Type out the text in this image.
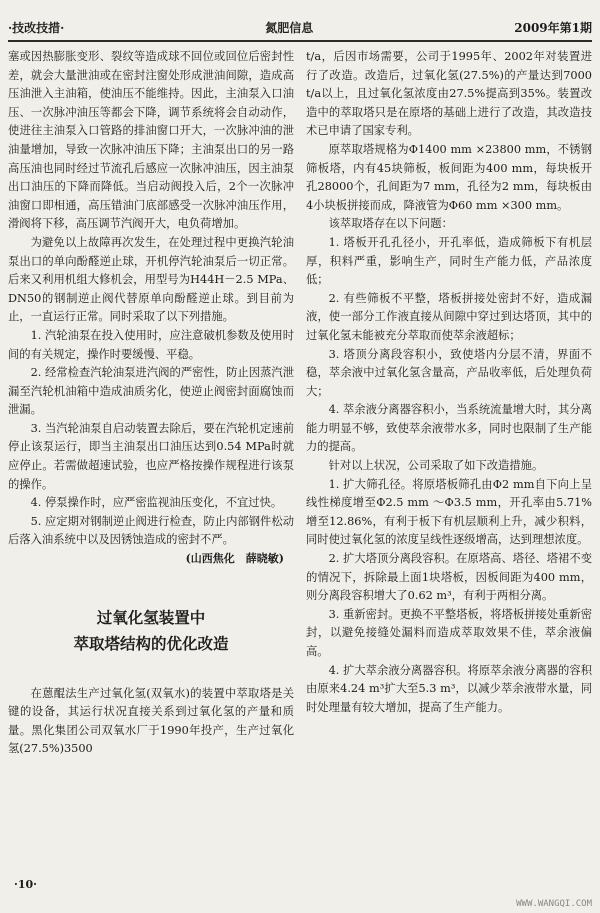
·技改技措·	氮肥信息	2009年第1期

塞或因热膨胀变形、裂纹等造成球不回位或回位后密封性差，就会大量泄油或在密封注窗处形成泄油间隙，造成高压油泄入主油箱，使油压不能维持。因此，主油泵入口油压、一次脉冲油压等都会下降，调节系统将会自动动作，使进往主油泵入口管路的排油窗口开大，一次脉冲油的泄油量增加，导致一次脉冲油压下降；主油泵出口的另一路高压油也同时经过节流孔后感应一次脉冲油压，因主油泵出口油压的下降而降低。当启动阀投入后，2个一次脉冲油窗口即相通，高压错油门底部感受一次脉冲油压作用，滑阀将下移，高压调节汽阀开大，电负荷增加。

为避免以上故障再次发生，在处理过程中更换汽轮油泵出口的单向酚醛逆止球，开机停汽轮油泵后一切正常。后来又利用机组大修机会，用型号为H44H－2.5 MPa、DN50的钢制逆止阀代替原单向酚醛逆止球。到目前为止，一直运行正常。同时采取了以下列措施。

1. 汽轮油泵在投入使用时，应注意破机参数及使用时间的有关规定，操作时要缓慢、平稳。

2. 经常检查汽轮油泵进汽阀的严密性，防止因蒸汽泄漏至汽轮机油箱中造成油质劣化，使逆止阀密封面腐蚀而泄漏。

3. 当汽轮油泵自启动装置去除后，要在汽轮机定速前停止该泵运行，即当主油泵出口油压达到0.54 MPa时就应停止。若需做超速试验，也应严格按操作规程进行该泵的操作。

4. 停泵操作时，应严密监视油压变化，不宜过快。

5. 应定期对钢制逆止阀进行检查，防止内部钢件松动后落入油系统中以及因锈蚀造成的密封不严。

(山西焦化　薛晓敏)
过氧化氢装置中
萃取塔结构的优化改造

在蒽醌法生产过氧化氢(双氧水)的装置中萃取塔是关键的设备，其运行状况直接关系到过氧化氢的产量和质量。黑化集团公司双氧水厂于1990年投产，生产过氧化氢(27.5%)3500

t/a，后因市场需要，公司于1995年、2002年对装置进行了改造。改造后，过氧化氢(27.5%)的产量达到7000 t/a以上，且过氧化氢浓度由27.5%提高到35%。装置改造中的萃取塔只是在原塔的基础上进行了改造，其改造技术已申请了国家专利。

原萃取塔规格为Φ1400 mm ×23800 mm，不锈钢筛板塔，内有45块筛板，板间距为400 mm，每块板开孔28000个，孔间距为7 mm，孔径为2 mm，每块板由4小块板拼接而成，降液管为Φ60 mm ×300 mm。

该萃取塔存在以下问题：

1. 塔板开孔孔径小，开孔率低，造成筛板下有机层厚，积料严重，影响生产，同时生产能力低，产品浓度低；

2. 有些筛板不平整，塔板拼接处密封不好，造成漏液，使一部分工作液直接从间隙中穿过到达塔顶，其中的过氧化氢未能被充分萃取而使萃余液超标；

3. 塔顶分离段容积小，致使塔内分层不清，界面不稳，萃余液中过氧化氢含量高，产品收率低，后处理负荷大；

4. 萃余液分离器容积小，当系统流量增大时，其分离能力明显不够，致使萃余液带水多，同时也限制了生产能力的提高。

针对以上状况，公司采取了如下改造措施。

1. 扩大筛孔径。将原塔板筛孔由Φ2 mm自下向上呈线性梯度增至Φ2.5 mm ～Φ3.5 mm，开孔率由5.71%增至12.86%，有利于板下有机层顺利上升，减少积料，同时使过氧化氢的浓度呈线性逐级增高，达到理想浓度。

2. 扩大塔顶分离段容积。在原塔高、塔径、塔裙不变的情况下，拆除最上面1块塔板，因板间距为400 mm，则分离段容积增大了0.62 m³，有利于两相分离。

3. 重新密封。更换不平整塔板，将塔板拼接处重新密封，以避免接缝处漏料而造成萃取效果不佳，萃余液偏高。

4. 扩大萃余液分离器容积。将原萃余液分离器的容积由原来4.24 m³扩大至5.3 m³，以减少萃余液带水量，同时处理量有较大增加，提高了生产能力。

·10·
WWW.WANGQI.COM
